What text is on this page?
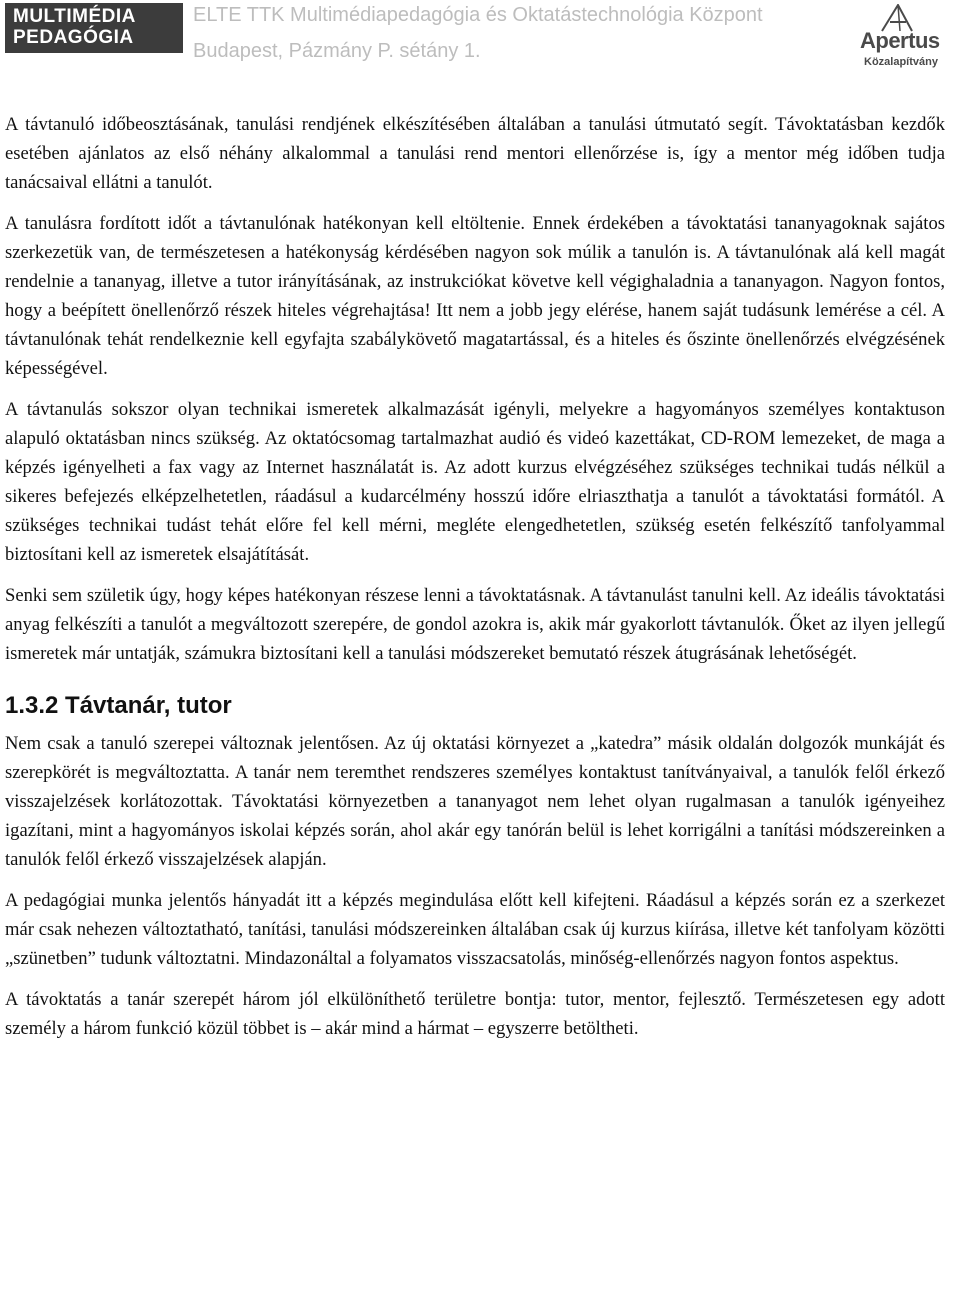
MULTIMÉDIA
PEDAGÓGIA
ELTE TTK Multimédiapedagógia és Oktatástechnológia Központ
Budapest, Pázmány P. sétány 1.	Apertus
Közalapítvány

A távtanuló időbeosztásának, tanulási rendjének elkészítésében általában a tanulási útmutató segít. Távoktatásban kezdők esetében ajánlatos az első néhány alkalommal a tanulási rend mentori ellenőrzése is, így a mentor még időben tudja tanácsaival ellátni a tanulót.

A tanulásra fordított időt a távtanulónak hatékonyan kell eltöltenie. Ennek érdekében a távoktatási tananyagoknak sajátos szerkezetük van, de természetesen a hatékonyság kérdésében nagyon sok múlik a tanulón is. A távtanulónak alá kell magát rendelnie a tananyag, illetve a tutor irányításának, az instrukciókat követve kell végighaladnia a tananyagon. Nagyon fontos, hogy a beépített önellenőrző részek hiteles végrehajtása! Itt nem a jobb jegy elérése, hanem saját tudásunk lemérése a cél. A távtanulónak tehát rendelkeznie kell egyfajta szabálykövető magatartással, és a hiteles és őszinte önellenőrzés elvégzésének képességével.

A távtanulás sokszor olyan technikai ismeretek alkalmazását igényli, melyekre a hagyományos személyes kontaktuson alapuló oktatásban nincs szükség. Az oktatócsomag tartalmazhat audió és videó kazettákat, CD-ROM lemezeket, de maga a képzés igényelheti a fax vagy az Internet használatát is. Az adott kurzus elvégzéséhez szükséges technikai tudás nélkül a sikeres befejezés elképzelhetetlen, ráadásul a kudarcélmény hosszú időre elriaszthatja a tanulót a távoktatási formától. A szükséges technikai tudást tehát előre fel kell mérni, megléte elengedhetetlen, szükség esetén felkészítő tanfolyammal biztosítani kell az ismeretek elsajátítását.

Senki sem születik úgy, hogy képes hatékonyan részese lenni a távoktatásnak. A távtanulást tanulni kell. Az ideális távoktatási anyag felkészíti a tanulót a megváltozott szerepére, de gondol azokra is, akik már gyakorlott távtanulók. Őket az ilyen jellegű ismeretek már untatják, számukra biztosítani kell a tanulási módszereket bemutató részek átugrásának lehetőségét.

1.3.2 Távtanár, tutor

Nem csak a tanuló szerepei változnak jelentősen. Az új oktatási környezet a „katedra” másik oldalán dolgozók munkáját és szerepkörét is megváltoztatta. A tanár nem teremthet rendszeres személyes kontaktust tanítványaival, a tanulók felől érkező visszajelzések korlátozottak. Távoktatási környezetben a tananyagot nem lehet olyan rugalmasan a tanulók igényeihez igazítani, mint a hagyományos iskolai képzés során, ahol akár egy tanórán belül is lehet korrigálni a tanítási módszereinken a tanulók felől érkező visszajelzések alapján.

A pedagógiai munka jelentős hányadát itt a képzés megindulása előtt kell kifejteni. Ráadásul a képzés során ez a szerkezet már csak nehezen változtatható, tanítási, tanulási módszereinken általában csak új kurzus kiírása, illetve két tanfolyam közötti „szünetben” tudunk változtatni. Mindazonáltal a folyamatos visszacsatolás, minőség-ellenőrzés nagyon fontos aspektus.

A távoktatás a tanár szerepét három jól elkülöníthető területre bontja: tutor, mentor, fejlesztő. Természetesen egy adott személy a három funkció közül többet is – akár mind a hármat – egyszerre betöltheti.
